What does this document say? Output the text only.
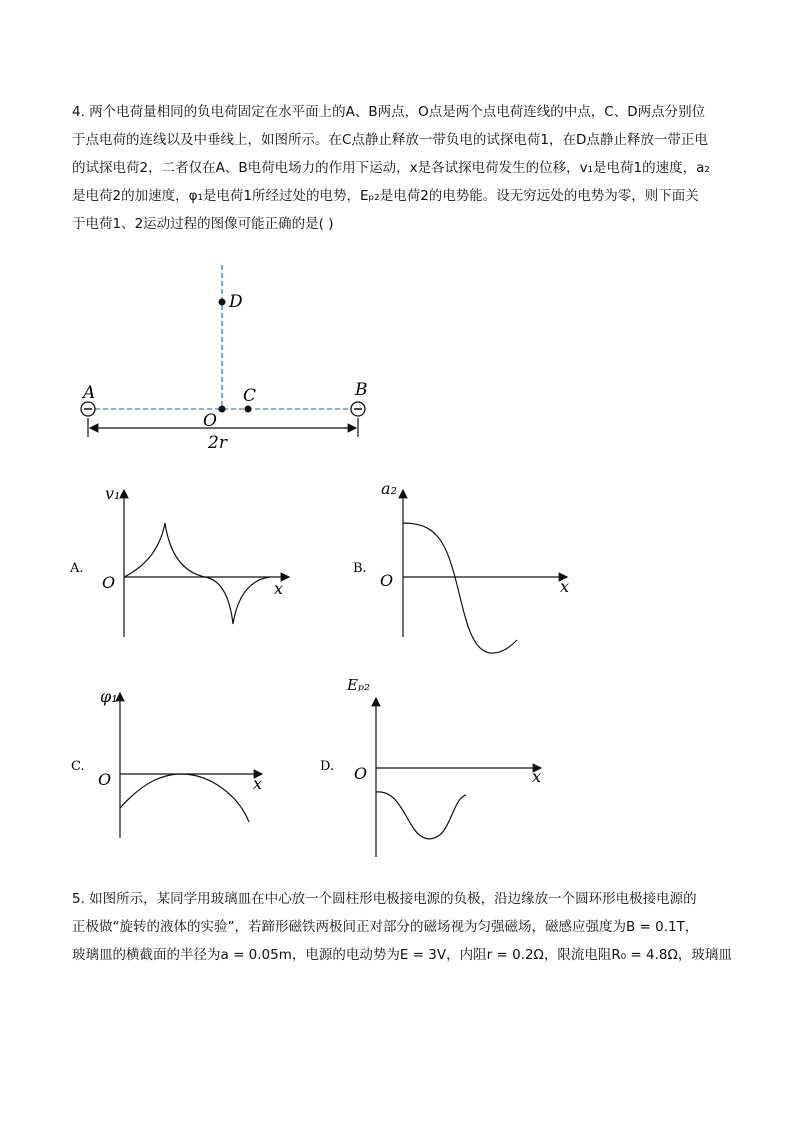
4. 两个电荷量相同的负电荷固定在水平面上的A、B两点，O点是两个点电荷连线的中点，C、D两点分别位

于点电荷的连线以及中垂线上，如图所示。在C点静止释放一带负电的试探电荷1，在D点静止释放一带正电

的试探电荷2，二者仅在A、B电荷电场力的作用下运动，x是各试探电荷发生的位移，v₁是电荷1的速度，a₂

是电荷2的加速度，φ₁是电荷1所经过处的电势，Eₚ₂是电荷2的电势能。设无穷远处的电势为零，则下面关

于电荷1、2运动过程的图像可能正确的是( )

A	B
C
D
O
2r
A.
v₁
x
O
B.
a₂
x
O
C.
φ₁
x
O
D.
Eₚ₂
x
O

5. 如图所示，某同学用玻璃皿在中心放一个圆柱形电极接电源的负极，沿边缘放一个圆环形电极接电源的

正极做“旋转的液体的实验”，若蹄形磁铁两极间正对部分的磁场视为匀强磁场，磁感应强度为B = 0.1T，

玻璃皿的横截面的半径为a = 0.05m，电源的电动势为E = 3V，内阻r = 0.2Ω，限流电阻R₀ = 4.8Ω，玻璃皿
